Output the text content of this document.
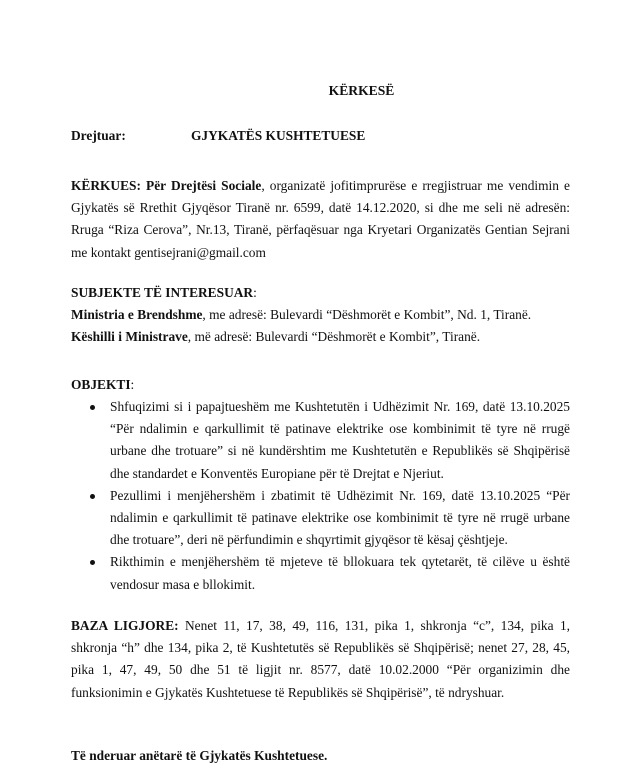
KËRKESË
Drejtuar:	GJYKATËS KUSHTETUESE
KËRKUES: Për Drejtësi Sociale, organizatë jofitimprurëse e rregjistruar me vendimin e Gjykatës së Rrethit Gjyqësor Tiranë nr. 6599, datë 14.12.2020, si dhe me seli në adresën: Rruga “Riza Cerova”, Nr.13, Tiranë, përfaqësuar nga Kryetari Organizatës Gentian Sejrani me kontakt gentisejrani@gmail.com
SUBJEKTE TË INTERESUAR:
Ministria e Brendshme, me adresë: Bulevardi “Dëshmorët e Kombit”, Nd. 1, Tiranë.
Këshilli i Ministrave, më adresë: Bulevardi “Dëshmorët e Kombit”, Tiranë.
OBJEKTI:
Shfuqizimi si i papajtueshëm me Kushtetutën i Udhëzimit Nr. 169, datë 13.10.2025 “Për ndalimin e qarkullimit të patinave elektrike ose kombinimit të tyre në rrugë urbane dhe trotuare” si në kundërshtim me Kushtetutën e Republikës së Shqipërisë dhe standardet e Konventës Europiane për të Drejtat e Njeriut.
Pezullimi i menjëhershëm i zbatimit të Udhëzimit Nr. 169, datë 13.10.2025 “Për ndalimin e qarkullimit të patinave elektrike ose kombinimit të tyre në rrugë urbane dhe trotuare”, deri në përfundimin e shqyrtimit gjyqësor të kësaj çështjeje.
Rikthimin e menjëhershëm të mjeteve të bllokuara tek qytetarët, të cilëve u është vendosur masa e bllokimit.
BAZA LIGJORE: Nenet 11, 17, 38, 49, 116, 131, pika 1, shkronja “c”, 134, pika 1, shkronja “h” dhe 134, pika 2, të Kushtetutës së Republikës së Shqipërisë; nenet 27, 28, 45, pika 1, 47, 49, 50 dhe 51 të ligjit nr. 8577, datë 10.02.2000 “Për organizimin dhe funksionimin e Gjykatës Kushtetuese të Republikës së Shqipërisë”, të ndryshuar.
Të nderuar anëtarë të Gjykatës Kushtetuese.
